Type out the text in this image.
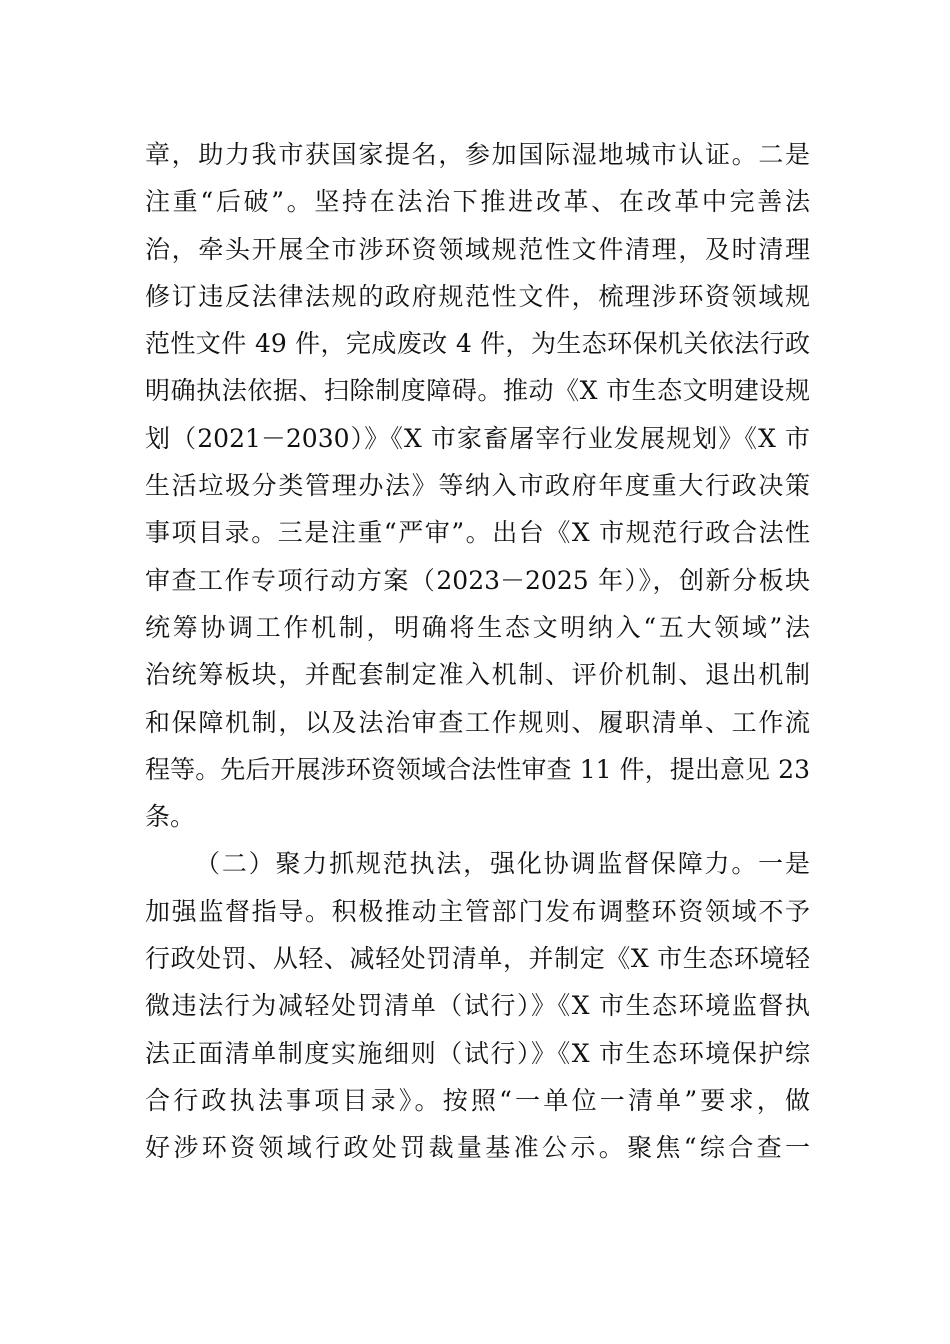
章，助力我市获国家提名，参加国际湿地城市认证。二是
注重“后破”。坚持在法治下推进改革、在改革中完善法
治，牵头开展全市涉环资领域规范性文件清理，及时清理
修订违反法律法规的政府规范性文件，梳理涉环资领域规
范性文件 49 件，完成废改 4 件，为生态环保机关依法行政
明确执法依据、扫除制度障碍。推动《X 市生态文明建设规
划（2021－2030）》《X 市家畜屠宰行业发展规划》《X 市
生活垃圾分类管理办法》等纳入市政府年度重大行政决策
事项目录。三是注重“严审”。出台《X 市规范行政合法性
审查工作专项行动方案（2023－2025 年）》，创新分板块
统筹协调工作机制，明确将生态文明纳入“五大领域”法
治统筹板块，并配套制定准入机制、评价机制、退出机制
和保障机制，以及法治审查工作规则、履职清单、工作流
程等。先后开展涉环资领域合法性审查 11 件，提出意见 23
条。
（二）聚力抓规范执法，强化协调监督保障力。一是
加强监督指导。积极推动主管部门发布调整环资领域不予
行政处罚、从轻、减轻处罚清单，并制定《X 市生态环境轻
微违法行为减轻处罚清单（试行）》《X 市生态环境监督执
法正面清单制度实施细则（试行）》《X 市生态环境保护综
合行政执法事项目录》。按照“一单位一清单”要求，做
好涉环资领域行政处罚裁量基准公示。聚焦“综合查一
